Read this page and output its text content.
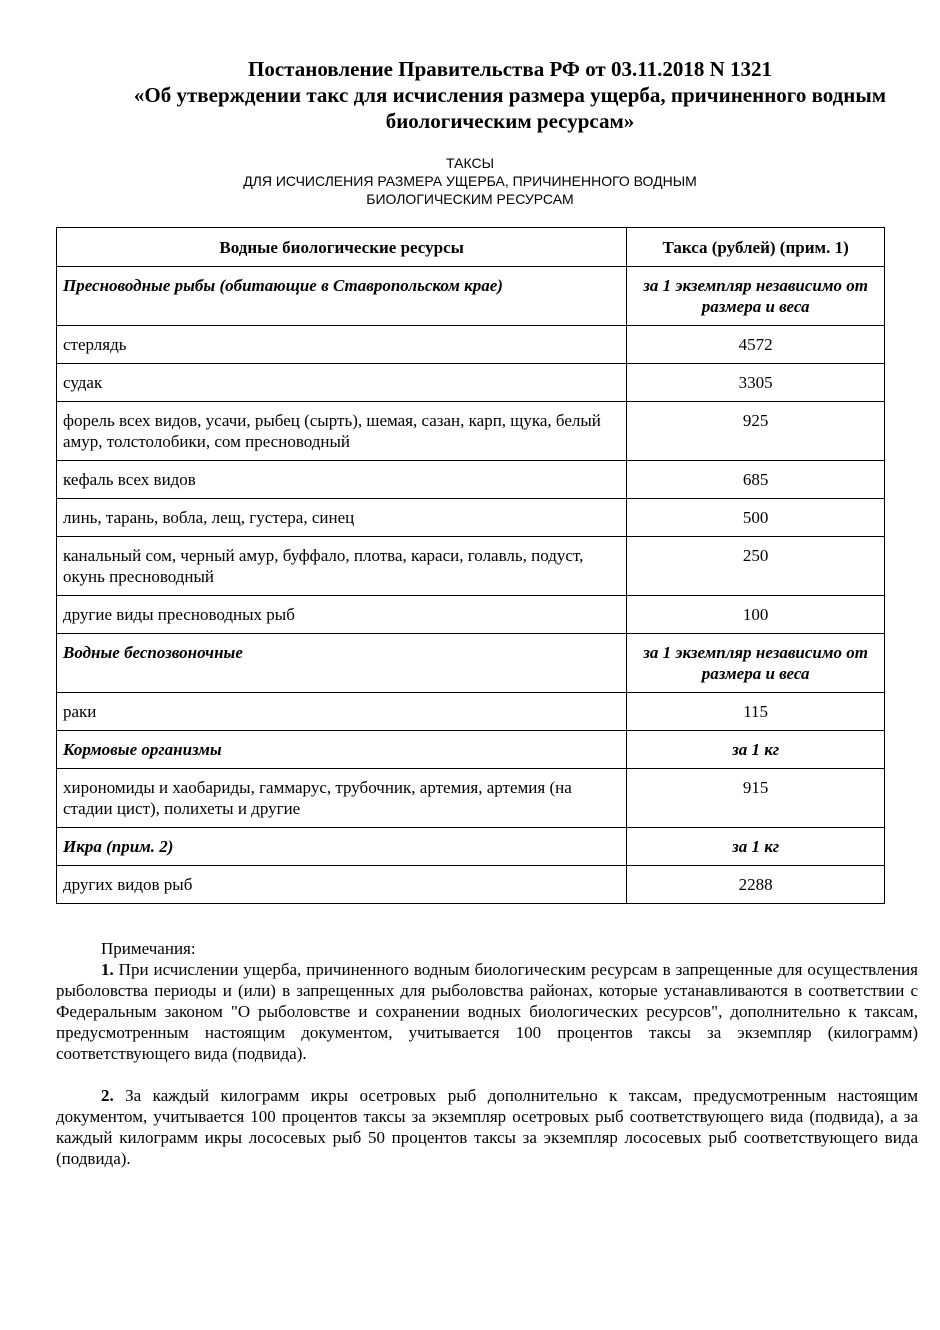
Постановление Правительства РФ от 03.11.2018 N 1321
«Об утверждении такс для исчисления размера ущерба, причиненного водным
биологическим ресурсам»
ТАКСЫ
ДЛЯ ИСЧИСЛЕНИЯ РАЗМЕРА УЩЕРБА, ПРИЧИНЕННОГО ВОДНЫМ
БИОЛОГИЧЕСКИМ РЕСУРСАМ
Водные биологические ресурсы	Такса (рублей) (прим. 1)
Пресноводные рыбы (обитающие в Ставропольском крае)	за 1 экземпляр независимо от размера и веса
стерлядь	4572
судак	3305
форель всех видов, усачи, рыбец (сырть), шемая, сазан, карп, щука, белый амур, толстолобики, сом пресноводный	925
кефаль всех видов	685
линь, тарань, вобла, лещ, густера, синец	500
канальный сом, черный амур, буффало, плотва, караси, голавль, подуст, окунь пресноводный	250
другие виды пресноводных рыб	100
Водные беспозвоночные	за 1 экземпляр независимо от размера и веса
раки	115
Кормовые организмы	за 1 кг
хирономиды и хаобариды, гаммарус, трубочник, артемия, артемия (на стадии цист), полихеты и другие	915
Икра (прим. 2)	за 1 кг
других видов рыб	2288
Примечания:

1. При исчислении ущерба, причиненного водным биологическим ресурсам в запрещенные для осуществления рыболовства периоды и (или) в запрещенных для рыболовства районах, которые устанавливаются в соответствии с Федеральным законом "О рыболовстве и сохранении водных биологических ресурсов", дополнительно к таксам, предусмотренным настоящим документом, учитывается 100 процентов таксы за экземпляр (килограмм) соответствующего вида (подвида).

2. За каждый килограмм икры осетровых рыб дополнительно к таксам, предусмотренным настоящим документом, учитывается 100 процентов таксы за экземпляр осетровых рыб соответствующего вида (подвида), а за каждый килограмм икры лососевых рыб 50 процентов таксы за экземпляр лососевых рыб соответствующего вида (подвида).
